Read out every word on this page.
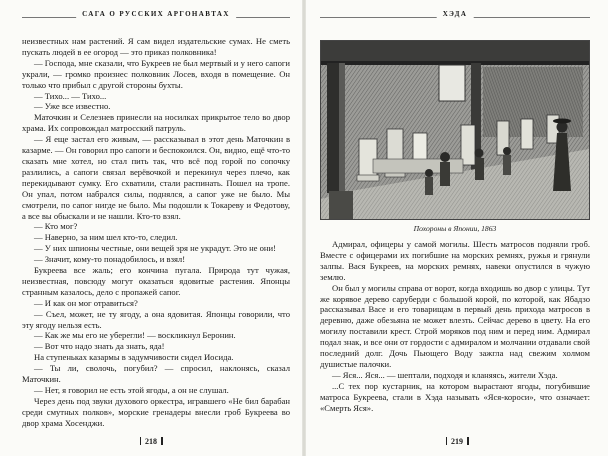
САГА О РУССКИХ АРГОНАВТАХ

неизвестных нам растений. Я сам видел издательские сумах. Не сметь пускать людей в ее огород — это приказ полковника!

— Господа, мне сказали, что Букреев не был мертвый и у него сапоги украли, — громко произнес полковник Лосев, входя в помещение. Он только что прибыл с другой стороны бухты.

— Тихо... — Тихо...

— Уже все известно.

Маточкин и Селезнев принесли на носилках прикрытое тело во двор храма. Их сопровождал матросский патруль.

— Я еще застал его живым, — рассказывал в этот день Маточкин в казарме. — Он говорил про сапоги и беспокоился. Он, видно, ещё что-то сказать мне хотел, но стал пить так, что всё под горой по сопочку разлились, а сапоги связал верёвочкой и перекинул через плечо, как перекидывают сумку. Его схватили, стали распинать. Пошел на тропе. Он упал, потом набрался силы, поднялся, а сапог уже не было. Мы смотрели, по сапог нигде не было. Мы подошли к Токареву и Федотову, а все вы обыскали и не нашли. Кто-то взял.

— Кто мог?

— Наверно, за ним шел кто-то, следил.

— У них шпионы честные, они вещей зря не украдут. Это не они!

— Значит, кому-то понадобилось, и взял!

Букреева все жаль; его кончина пугала. Природа тут чужая, неизвестная, повсюду могут оказаться ядовитые растения. Японцы странным казалось, дело с пропажей сапог.

— И как он мог отравиться?

— Съел, может, не ту ягоду, а она ядовитая. Японцы говорили, что эту ягоду нельзя есть.

— Как же мы его не уберегли! — воскликнул Беронин.

— Вот что надо знать да знать, яда!

На ступеньках казармы в задумчивости сидел Иосида.

— Ты ли, сволочь, погубил? — спросил, наклонясь, сказал Маточкин.

— Нет, я говорил не есть этой ягоды, а он не слушал.

Через день под звуки духового оркестра, игравшего «Не бил барабан среди смутных полков», морские гренадеры внесли гроб Букреева во двор храма Хосенджи.

218
ХЭДА
Похороны в Японии, 1863

Адмирал, офицеры у самой могилы. Шесть матросов подняли гроб. Вместе с офицерами их погибшие на морских ремнях, ружья и грянули залпы. Вася Букреев, на морских ремнях, навеки опустился в чужую землю.

Он был у могилы справа от ворот, когда входишь во двор с улицы. Тут же корявое дерево саруберди с большой корой, по которой, как Ябадзо рассказывал Васе и его товарищам в первый день прихода матросов в деревню, даже обезьяна не может влезть. Сейчас дерево в цвету. На его могилу поставили крест. Строй моряков под ним и перед ним. Адмирал подал знак, и все они от гордости с адмиралом и молчании отдавали свой последний долг. Дочь Пьющего Воду зажгла над свежим холмом душистые палочки.

— Яся... Яся... — шептали, подходя и кланяясь, жители Хэда.

...С тех пор кустарник, на котором вырастают ягоды, погубившие матроса Букреева, стали в Хэда называть «Яся-короси», что означает: «Смерть Яся».

219
